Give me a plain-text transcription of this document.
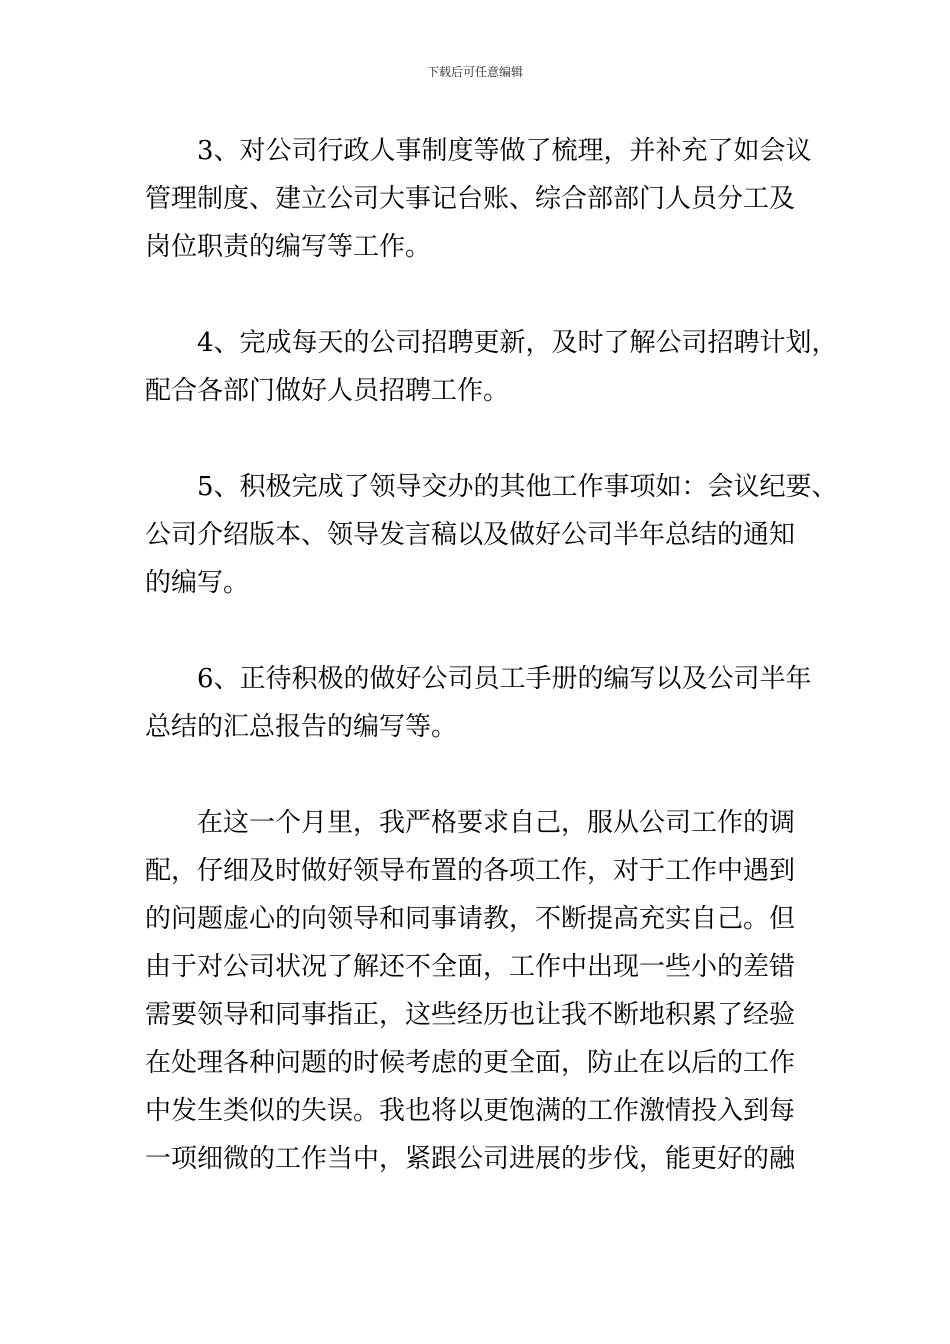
下载后可任意编辑
3、对公司行政人事制度等做了梳理，并补充了如会议
管理制度、建立公司大事记台账、综合部部门人员分工及
岗位职责的编写等工作。
4、完成每天的公司招聘更新，及时了解公司招聘计划，
配合各部门做好人员招聘工作。
5、积极完成了领导交办的其他工作事项如：会议纪要、
公司介绍版本、领导发言稿以及做好公司半年总结的通知
的编写。
6、正待积极的做好公司员工手册的编写以及公司半年
总结的汇总报告的编写等。
在这一个月里，我严格要求自己，服从公司工作的调
配，仔细及时做好领导布置的各项工作，对于工作中遇到
的问题虚心的向领导和同事请教，不断提高充实自己。但
由于对公司状况了解还不全面，工作中出现一些小的差错
需要领导和同事指正，这些经历也让我不断地积累了经验
在处理各种问题的时候考虑的更全面，防止在以后的工作
中发生类似的失误。我也将以更饱满的工作激情投入到每
一项细微的工作当中，紧跟公司进展的步伐，能更好的融
